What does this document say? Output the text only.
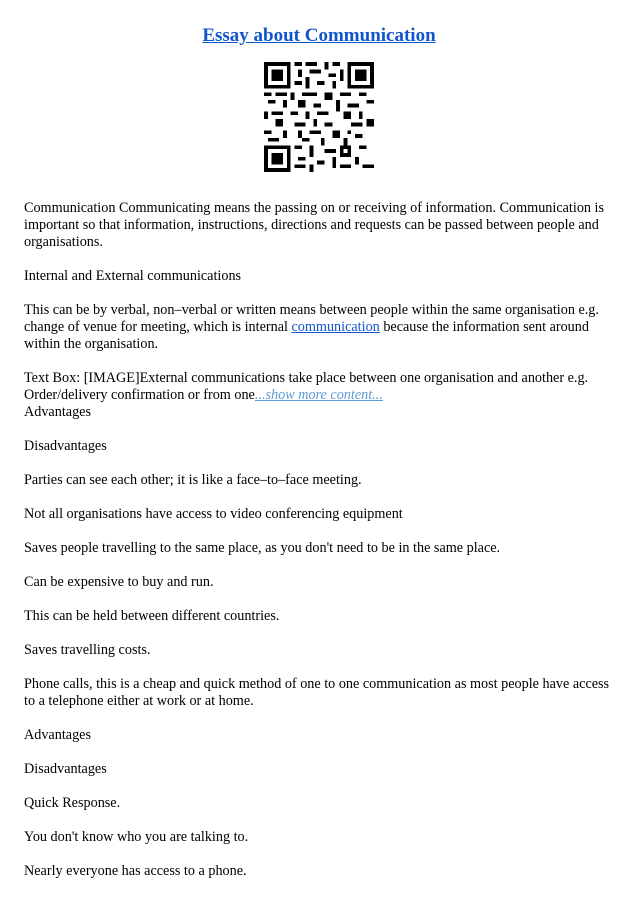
Essay about Communication

Communication Communicating means the passing on or receiving of information. Communication is important so that information, instructions, directions and requests can be passed between people and organisations.

Internal and External communications

This can be by verbal, non–verbal or written means between people within the same organisation e.g. change of venue for meeting, which is internal communication because the information sent around within the organisation.

Text Box: [IMAGE]External communications take place between one organisation and another e.g. Order/delivery confirmation or from one...show more content...

Advantages

Disadvantages

Parties can see each other; it is like a face–to–face meeting.

Not all organisations have access to video conferencing equipment

Saves people travelling to the same place, as you don't need to be in the same place.

Can be expensive to buy and run.

This can be held between different countries.

Saves travelling costs.

Phone calls, this is a cheap and quick method of one to one communication as most people have access to a telephone either at work or at home.

Advantages

Disadvantages

Quick Response.

You don't know who you are talking to.

Nearly everyone has access to a phone.
